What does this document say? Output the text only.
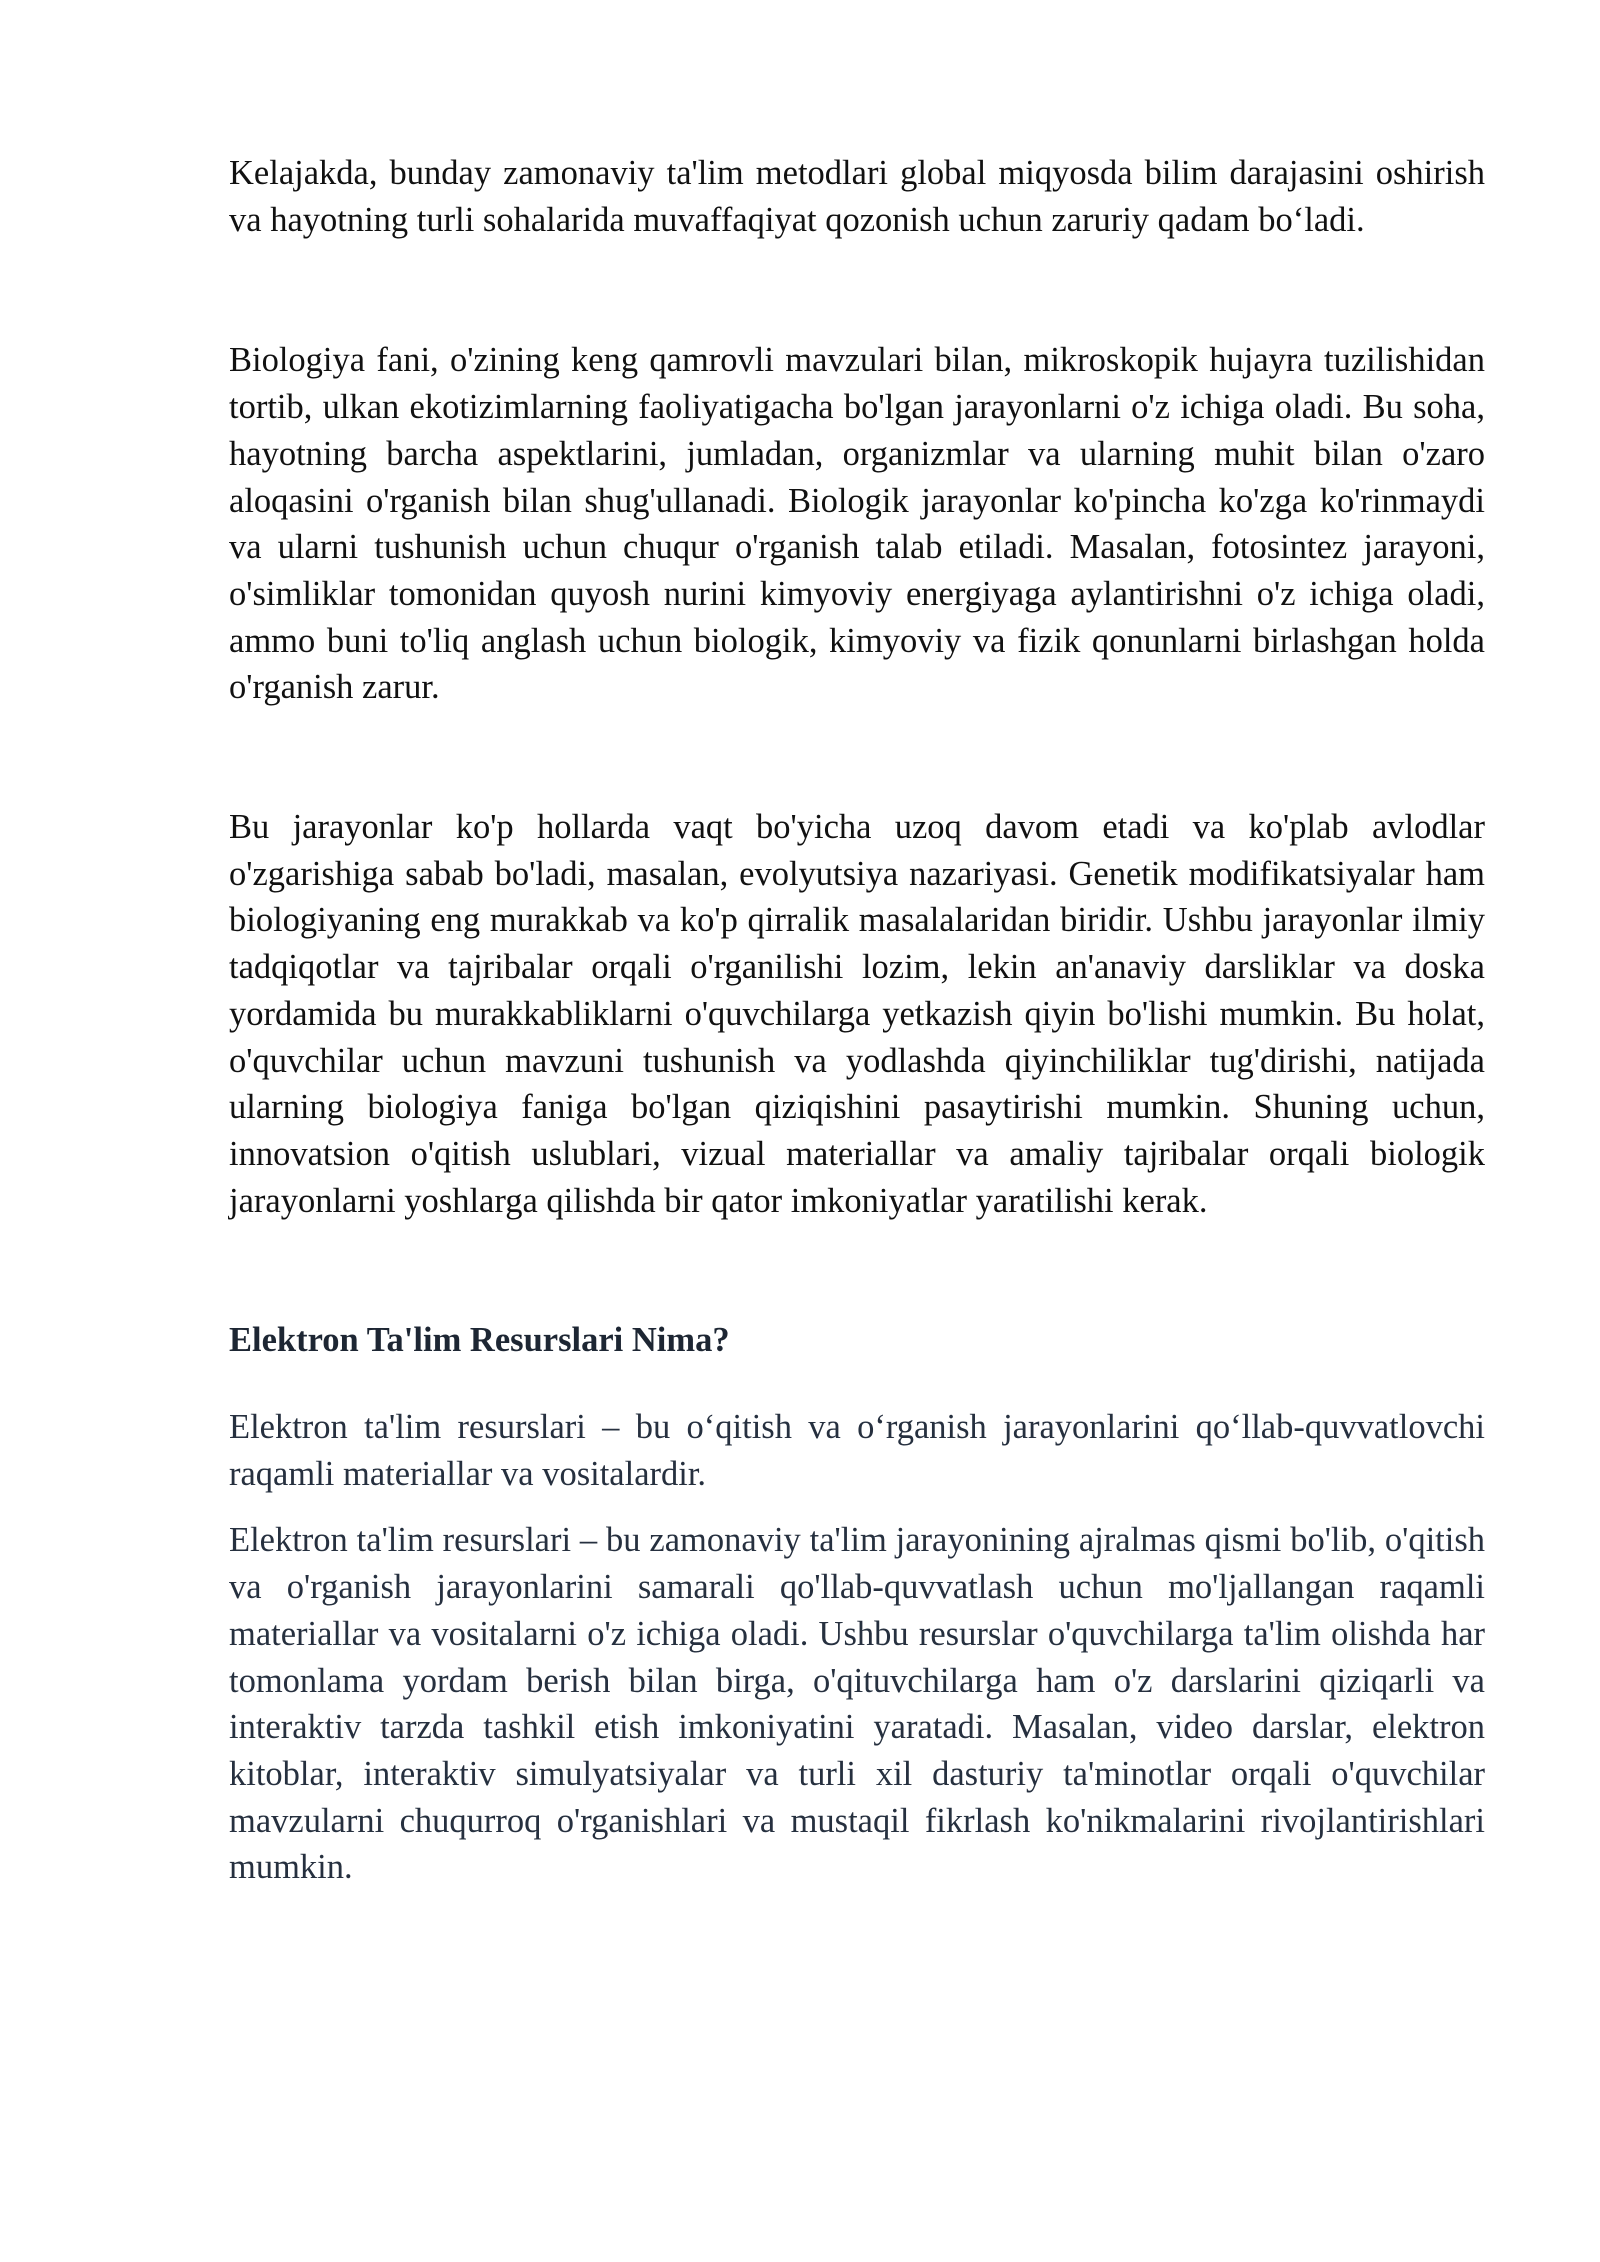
Kelajakda, bunday zamonaviy ta'lim metodlari global miqyosda bilim darajasini oshirish va hayotning turli sohalarida muvaffaqiyat qozonish uchun zaruriy qadam bo‘ladi.

Biologiya fani, o'zining keng qamrovli mavzulari bilan, mikroskopik hujayra tuzilishidan tortib, ulkan ekotizimlarning faoliyatigacha bo'lgan jarayonlarni o'z ichiga oladi. Bu soha, hayotning barcha aspektlarini, jumladan, organizmlar va ularning muhit bilan o'zaro aloqasini o'rganish bilan shug'ullanadi. Biologik jarayonlar ko'pincha ko'zga ko'rinmaydi va ularni tushunish uchun chuqur o'rganish talab etiladi. Masalan, fotosintez jarayoni, o'simliklar tomonidan quyosh nurini kimyoviy energiyaga aylantirishni o'z ichiga oladi, ammo buni to'liq anglash uchun biologik, kimyoviy va fizik qonunlarni birlashgan holda o'rganish zarur.

Bu jarayonlar ko'p hollarda vaqt bo'yicha uzoq davom etadi va ko'plab avlodlar o'zgarishiga sabab bo'ladi, masalan, evolyutsiya nazariyasi. Genetik modifikatsiyalar ham biologiyaning eng murakkab va ko'p qirralik masalalaridan biridir. Ushbu jarayonlar ilmiy tadqiqotlar va tajribalar orqali o'rganilishi lozim, lekin an'anaviy darsliklar va doska yordamida bu murakkabliklarni o'quvchilarga yetkazish qiyin bo'lishi mumkin. Bu holat, o'quvchilar uchun mavzuni tushunish va yodlashda qiyinchiliklar tug'dirishi, natijada ularning biologiya faniga bo'lgan qiziqishini pasaytirishi mumkin. Shuning uchun, innovatsion o'qitish uslublari, vizual materiallar va amaliy tajribalar orqali biologik jarayonlarni yoshlarga qilishda bir qator imkoniyatlar yaratilishi kerak.

Elektron Ta'lim Resurslari Nima?

Elektron ta'lim resurslari – bu o‘qitish va o‘rganish jarayonlarini qo‘llab-quvvatlovchi raqamli materiallar va vositalardir.

Elektron ta'lim resurslari – bu zamonaviy ta'lim jarayonining ajralmas qismi bo'lib, o'qitish va o'rganish jarayonlarini samarali qo'llab-quvvatlash uchun mo'ljallangan raqamli materiallar va vositalarni o'z ichiga oladi. Ushbu resurslar o'quvchilarga ta'lim olishda har tomonlama yordam berish bilan birga, o'qituvchilarga ham o'z darslarini qiziqarli va interaktiv tarzda tashkil etish imkoniyatini yaratadi. Masalan, video darslar, elektron kitoblar, interaktiv simulyatsiyalar va turli xil dasturiy ta'minotlar orqali o'quvchilar mavzularni chuqurroq o'rganishlari va mustaqil fikrlash ko'nikmalarini rivojlantirishlari mumkin.
